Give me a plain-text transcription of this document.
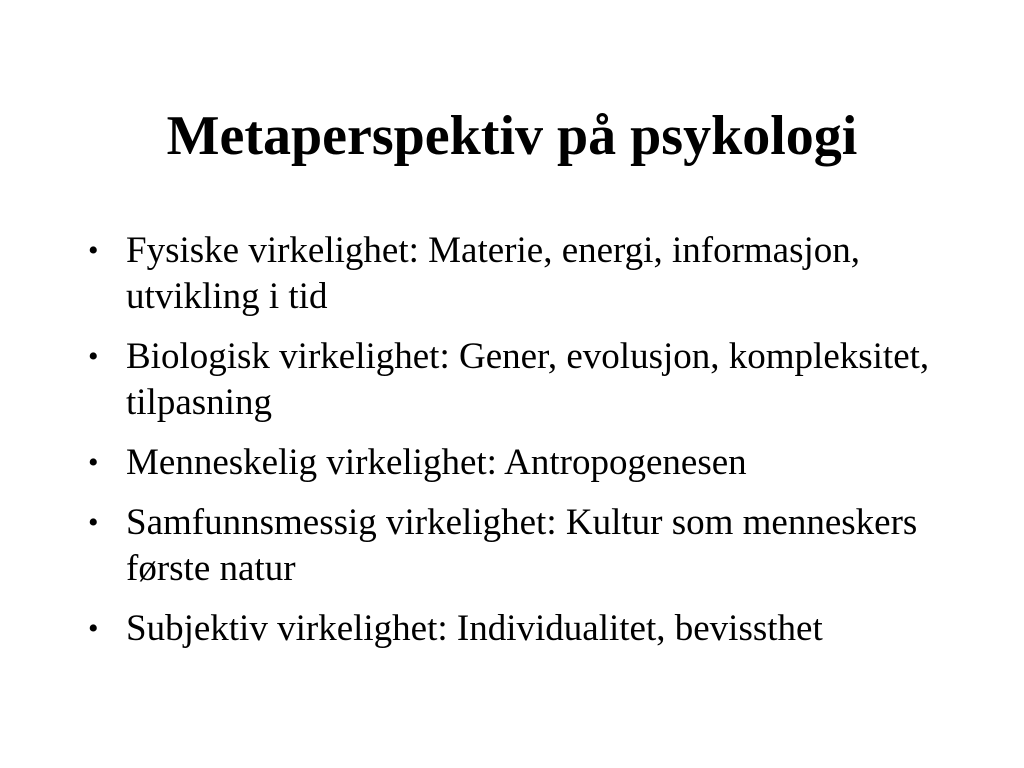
Metaperspektiv på psykologi
• Fysiske virkelighet: Materie, energi, informasjon, utvikling i tid
• Biologisk virkelighet: Gener, evolusjon, kompleksitet, tilpasning
• Menneskelig virkelighet: Antropogenesen
• Samfunnsmessig virkelighet: Kultur som menneskers første natur
• Subjektiv virkelighet: Individualitet, bevissthet
